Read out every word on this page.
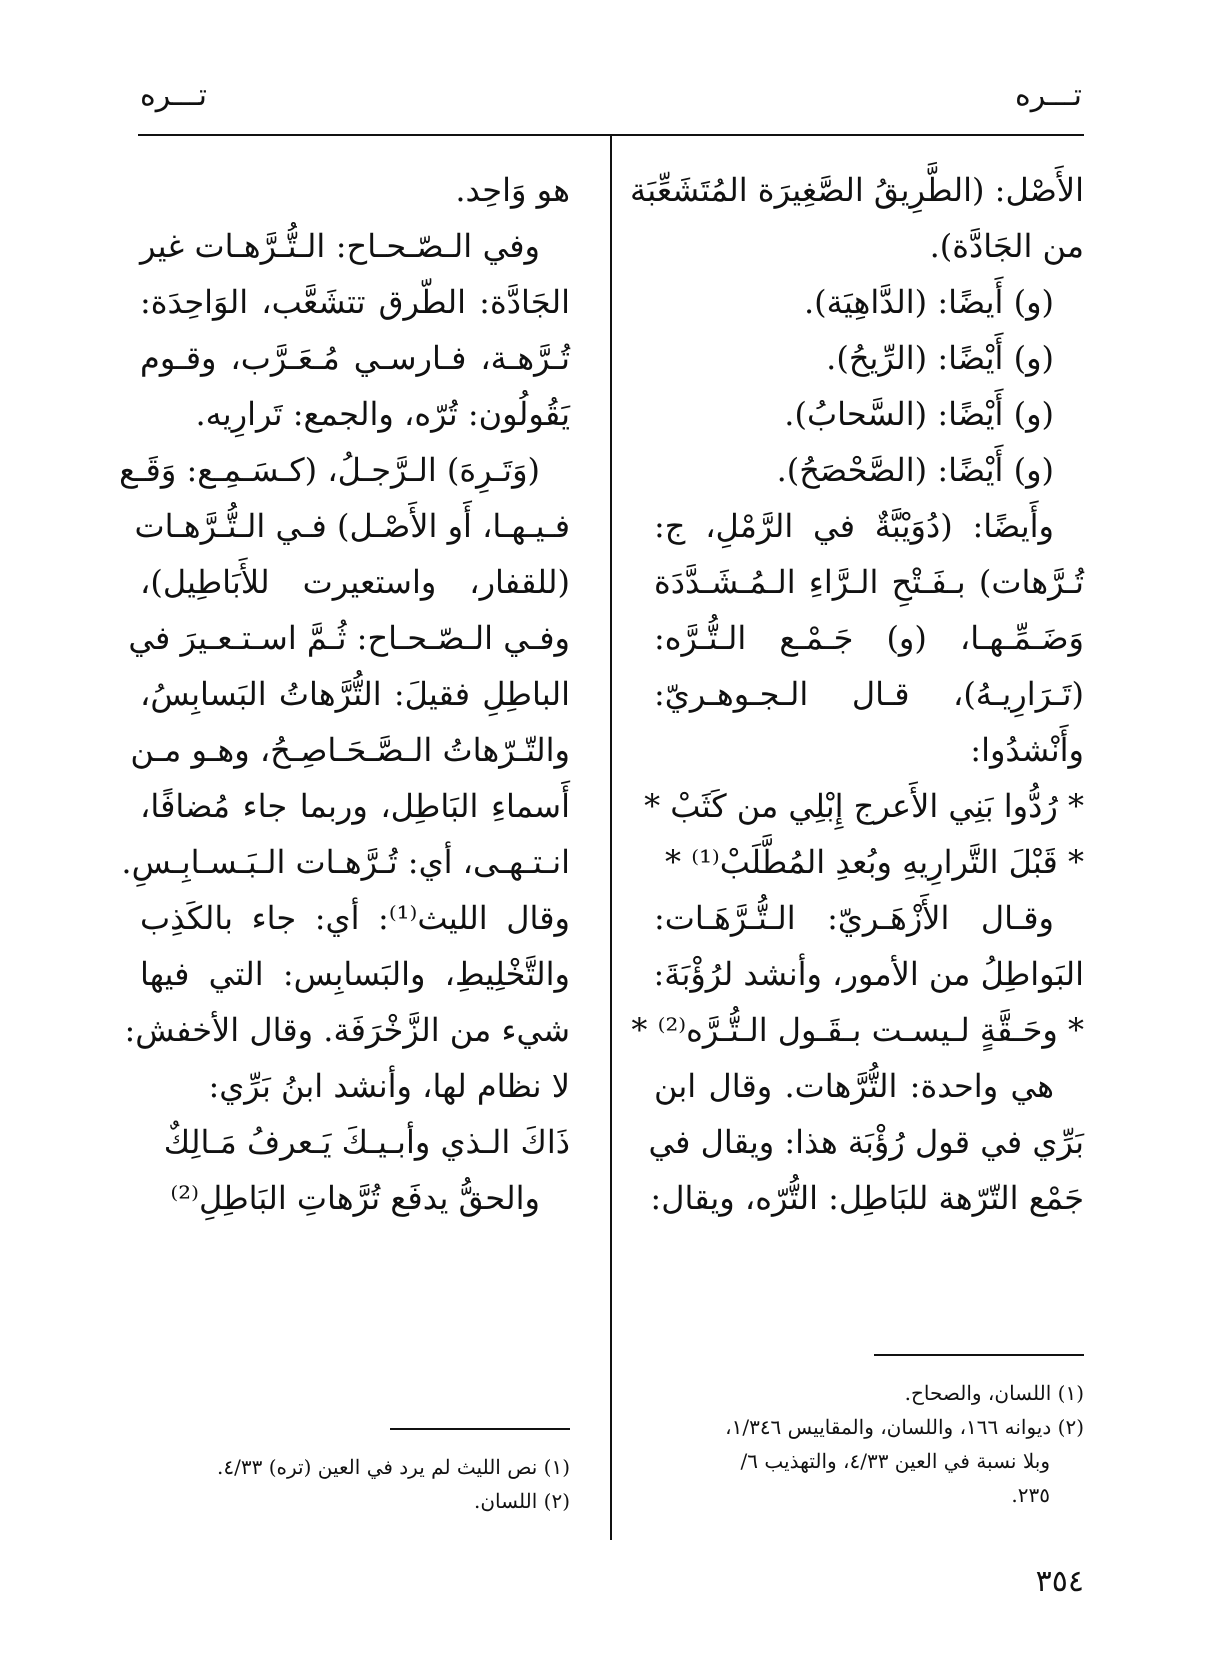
تـــره
تـــره
الأَصْل: (الطَّرِيقُ الصَّغِيرَة المُتَشَعِّبَة
من الجَادَّة).
(و) أَيضًا: (الدَّاهِيَة).
(و) أَيْضًا: (الرِّيحُ).
(و) أَيْضًا: (السَّحابُ).
(و) أَيْضًا: (الصَّحْصَحُ).
وأَيضًا: (دُوَيْبَّةٌ في الرَّمْلِ، ج:
تُـرَّهات) بـفَـتْحِ الـرَّاءِ الـمُـشَـدَّدَة
وَضَـمِّـهـا، (و) جَـمْـع الـتُّـرَّه:
(تَـرَارِيـهُ)، قـال الـجـوهـريّ:
وأَنْشدُوا:
* رُدُّوا بَنِي الأَعرج إِبْلِي من كَثَبْ *
* قَبْلَ التَّرارِيهِ وبُعدِ المُطَّلَبْ⁽¹⁾ *
وقـال الأَزْهَـريّ: الـتُّـرَّهَـات:
البَواطِلُ من الأمور، وأنشد لرُؤْبَةَ:
* وحَـقَّةٍ لـيسـت بـقَـول الـتُّـرَّه⁽²⁾ *
هي واحدة: التُّرَّهات. وقال ابن
بَرِّي في قول رُؤْبَة هذا: ويقال في
جَمْع التّرّهة للبَاطِل: التُّرّه، ويقال:
هو وَاحِد.
وفي الـصّـحـاح: الـتُّـرَّهـات غير
الجَادَّة: الطّرق تتشَعَّب، الوَاحِدَة:
تُـرَّهـة، فـارسـي مُـعَـرَّب، وقـوم
يَقُولُون: تُرّه، والجمع: تَرارِيه.
(وَتَـرِهَ) الـرَّجـلُ، (كـسَـمِـع: وَقَـع
فـيـهـا، أَو الأَصْـل) فـي الـتُّـرَّهـات
(للقفار، واستعيرت للأَبَاطِيل)،
وفـي الـصّـحـاح: ثُـمَّ اسـتـعـيرَ في
الباطِلِ فقيلَ: التُّرَّهاتُ البَسابِسُ،
والتّـرّهاتُ الـصَّـحَـاصِـحُ، وهـو مـن
أَسماءِ البَاطِل، وربما جاء مُضافًا،
انـتـهـى، أي: تُـرَّهـات الـبَـسـابِـسِ.
وقال الليث⁽¹⁾: أي: جاء بالكَذِب
والتَّخْلِيطِ، والبَسابِس: التي فيها
شيء من الزَّخْرَفَة. وقال الأخفش:
لا نظام لها، وأنشد ابنُ بَرِّي:
ذَاكَ الـذي وأبـيـكَ يَـعرفُ مَـالِكٌ
والحقُّ يدفَع تُرَّهاتِ البَاطِلِ⁽²⁾
(١) اللسان، والصحاح.
(٢) ديوانه ١٦٦، واللسان، والمقاييس ١/٣٤٦،
وبلا نسبة في العين ٤/٣٣، والتهذيب ٦/
٢٣٥.
(١) نص الليث لم يرد في العين (تره) ٤/٣٣.
(٢) اللسان.
٣٥٤
